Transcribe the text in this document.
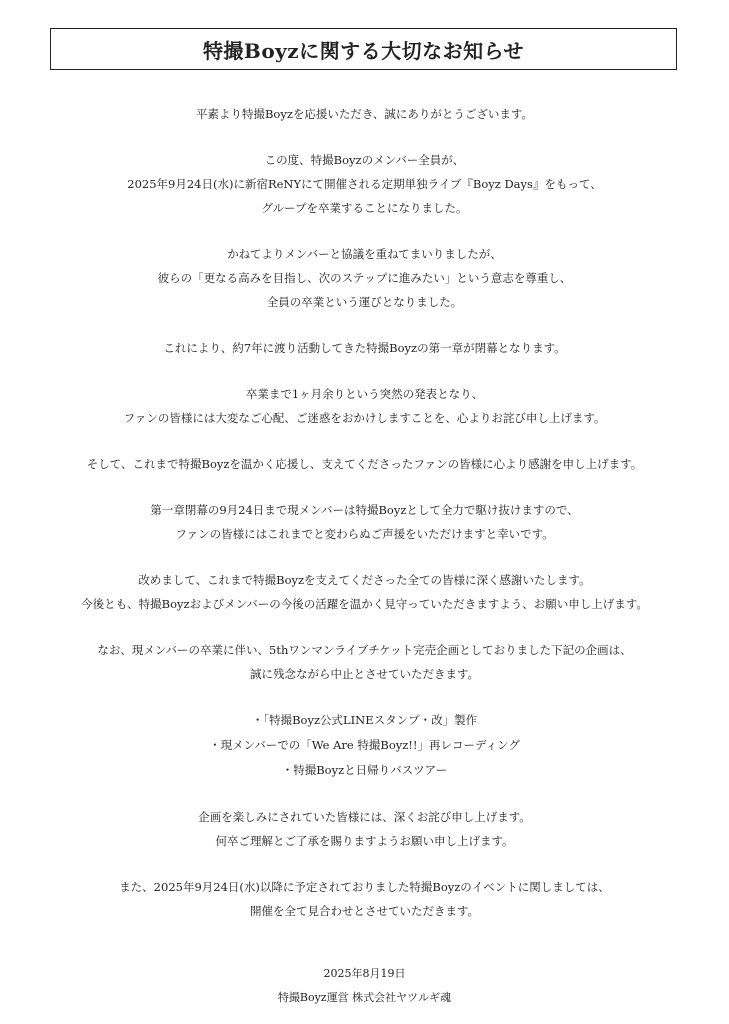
特撮Boyzに関する大切なお知らせ
平素より特撮Boyzを応援いただき、誠にありがとうございます。
この度、特撮Boyzのメンバー全員が、
2025年9月24日(水)に新宿ReNYにて開催される定期単独ライブ『Boyz Days』をもって、
グループを卒業することになりました。
かねてよりメンバーと協議を重ねてまいりましたが、
彼らの「更なる高みを目指し、次のステップに進みたい」という意志を尊重し、
全員の卒業という運びとなりました。
これにより、約7年に渡り活動してきた特撮Boyzの第一章が閉幕となります。
卒業まで1ヶ月余りという突然の発表となり、
ファンの皆様には大変なご心配、ご迷惑をおかけしますことを、心よりお詫び申し上げます。
そして、これまで特撮Boyzを温かく応援し、支えてくださったファンの皆様に心より感謝を申し上げます。
第一章閉幕の9月24日まで現メンバーは特撮Boyzとして全力で駆け抜けますので、
ファンの皆様にはこれまでと変わらぬご声援をいただけますと幸いです。
改めまして、これまで特撮Boyzを支えてくださった全ての皆様に深く感謝いたします。
今後とも、特撮Boyzおよびメンバーの今後の活躍を温かく見守っていただきますよう、お願い申し上げます。
なお、現メンバーの卒業に伴い、5thワンマンライブチケット完売企画としておりました下記の企画は、
誠に残念ながら中止とさせていただきます。
・「特撮Boyz公式LINEスタンプ・改」製作
・現メンバーでの「We Are 特撮Boyz!!」再レコーディング
・特撮Boyzと日帰りバスツアー
企画を楽しみにされていた皆様には、深くお詫び申し上げます。
何卒ご理解とご了承を賜りますようお願い申し上げます。
また、2025年9月24日(水)以降に予定されておりました特撮Boyzのイベントに関しましては、
開催を全て見合わせとさせていただきます。
2025年8月19日
特撮Boyz運営 株式会社ヤツルギ魂
